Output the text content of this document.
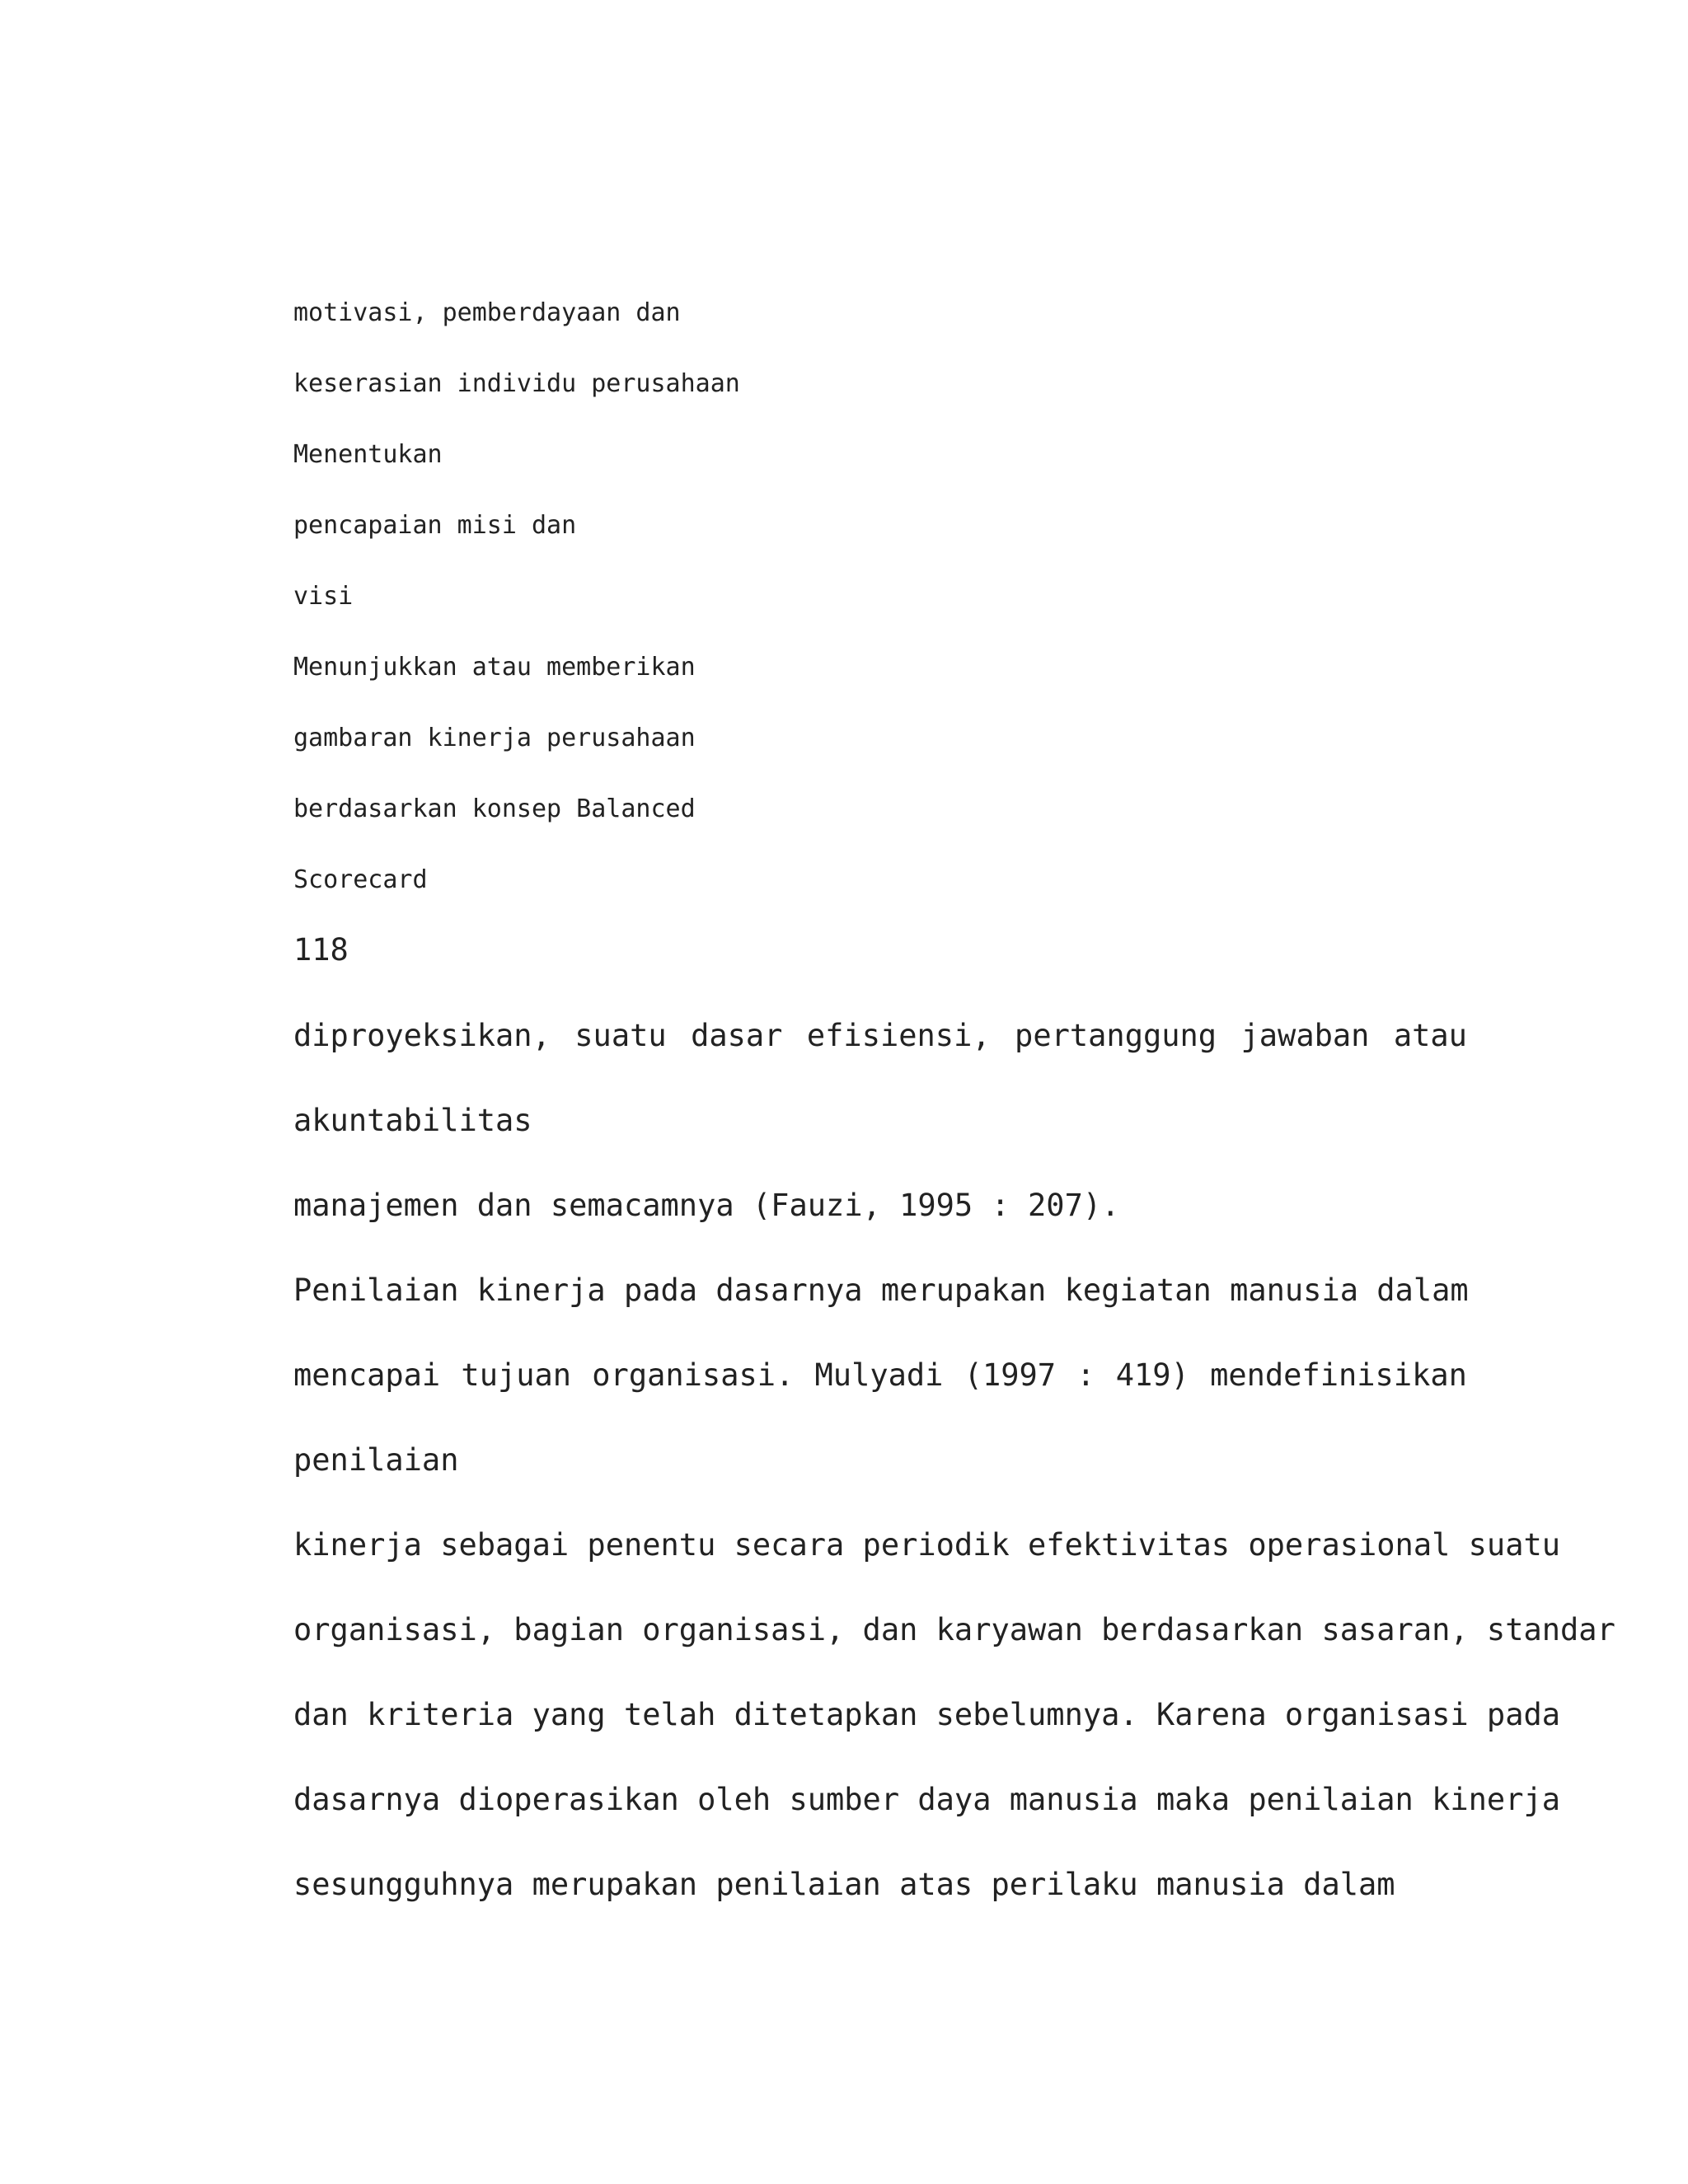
motivasi, pemberdayaan dan
keserasian individu perusahaan
Menentukan
pencapaian misi dan
visi
Menunjukkan atau memberikan
gambaran kinerja perusahaan
berdasarkan konsep Balanced
Scorecard
118
diproyeksikan, suatu dasar efisiensi, pertanggung jawaban atau
akuntabilitas
manajemen dan semacamnya (Fauzi, 1995 : 207).
Penilaian kinerja pada dasarnya merupakan kegiatan manusia dalam
mencapai tujuan organisasi. Mulyadi (1997 : 419) mendefinisikan
penilaian
kinerja sebagai penentu secara periodik efektivitas operasional suatu
organisasi, bagian organisasi, dan karyawan berdasarkan sasaran, standar
dan kriteria yang telah ditetapkan sebelumnya. Karena organisasi pada
dasarnya dioperasikan oleh sumber daya manusia maka penilaian kinerja
sesungguhnya merupakan penilaian atas perilaku manusia dalam
